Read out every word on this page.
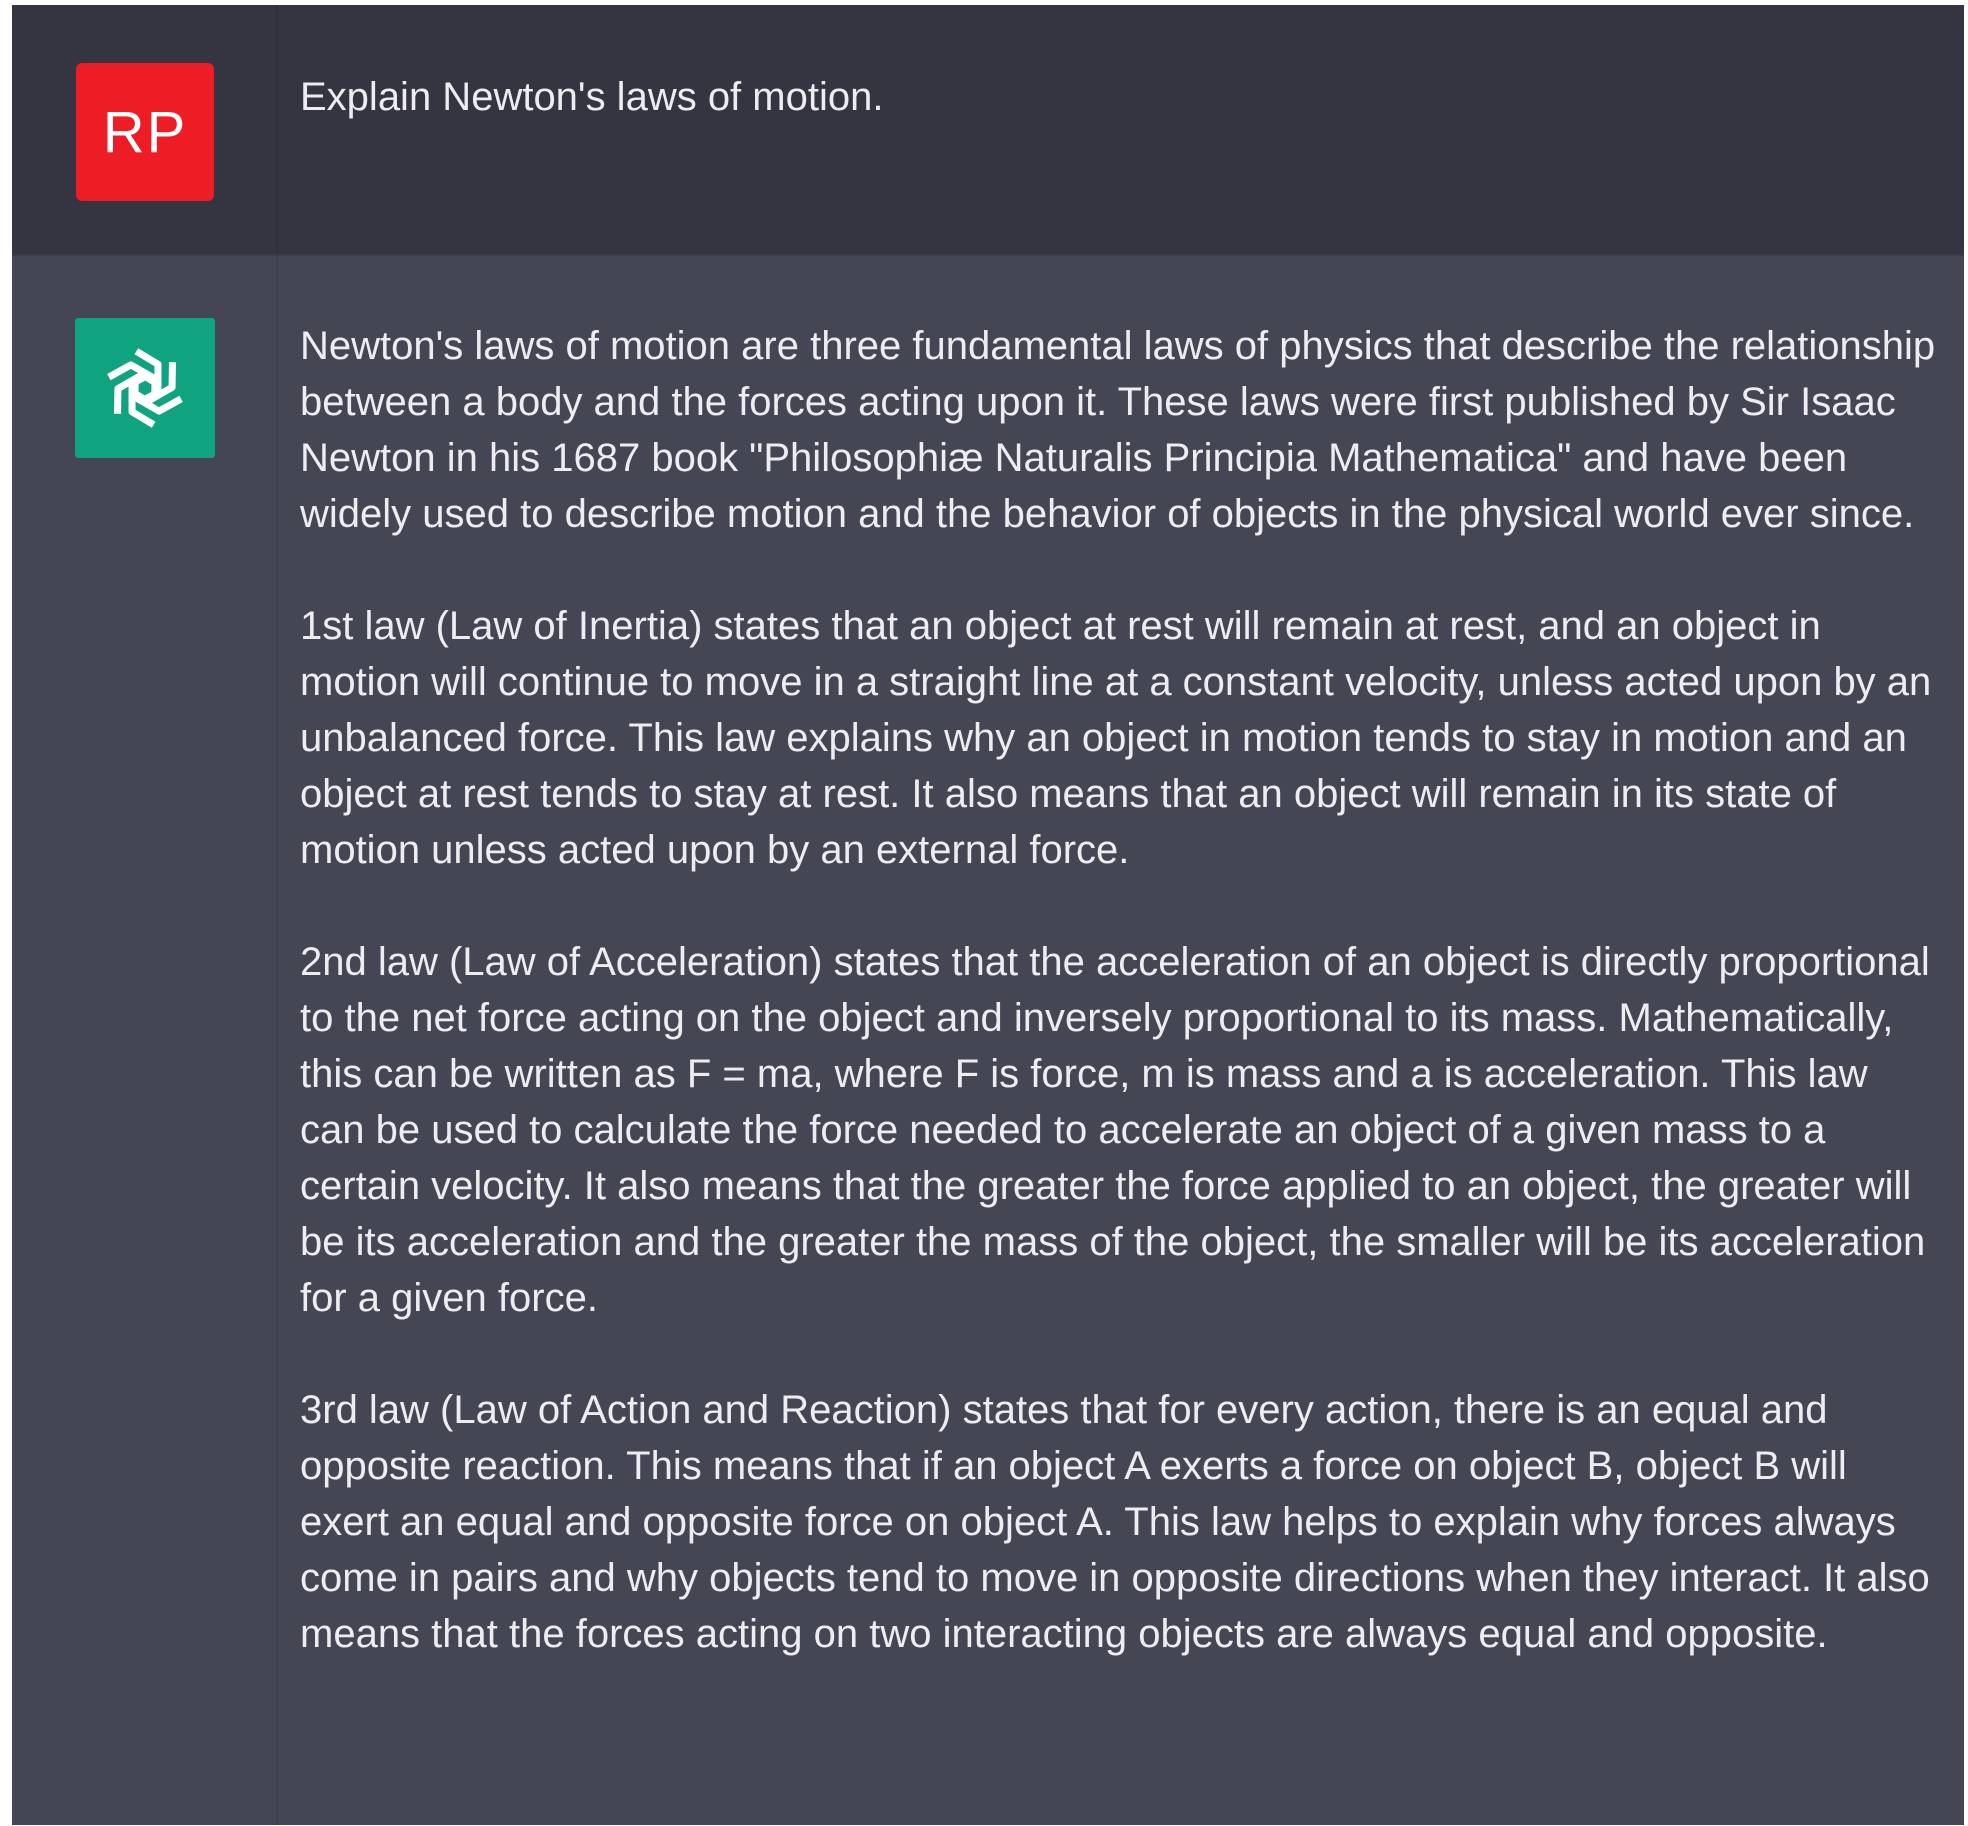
RP
Explain Newton's laws of motion.

Newton's laws of motion are three fundamental laws of physics that describe the relationship between a body and the forces acting upon it. These laws were first published by Sir Isaac Newton in his 1687 book "Philosophiæ Naturalis Principia Mathematica" and have been widely used to describe motion and the behavior of objects in the physical world ever since.

1st law (Law of Inertia) states that an object at rest will remain at rest, and an object in motion will continue to move in a straight line at a constant velocity, unless acted upon by an unbalanced force. This law explains why an object in motion tends to stay in motion and an object at rest tends to stay at rest. It also means that an object will remain in its state of motion unless acted upon by an external force.

2nd law (Law of Acceleration) states that the acceleration of an object is directly proportional to the net force acting on the object and inversely proportional to its mass. Mathematically, this can be written as F = ma, where F is force, m is mass and a is acceleration. This law can be used to calculate the force needed to accelerate an object of a given mass to a certain velocity. It also means that the greater the force applied to an object, the greater will be its acceleration and the greater the mass of the object, the smaller will be its acceleration for a given force.

3rd law (Law of Action and Reaction) states that for every action, there is an equal and opposite reaction. This means that if an object A exerts a force on object B, object B will exert an equal and opposite force on object A. This law helps to explain why forces always come in pairs and why objects tend to move in opposite directions when they interact. It also means that the forces acting on two interacting objects are always equal and opposite.
